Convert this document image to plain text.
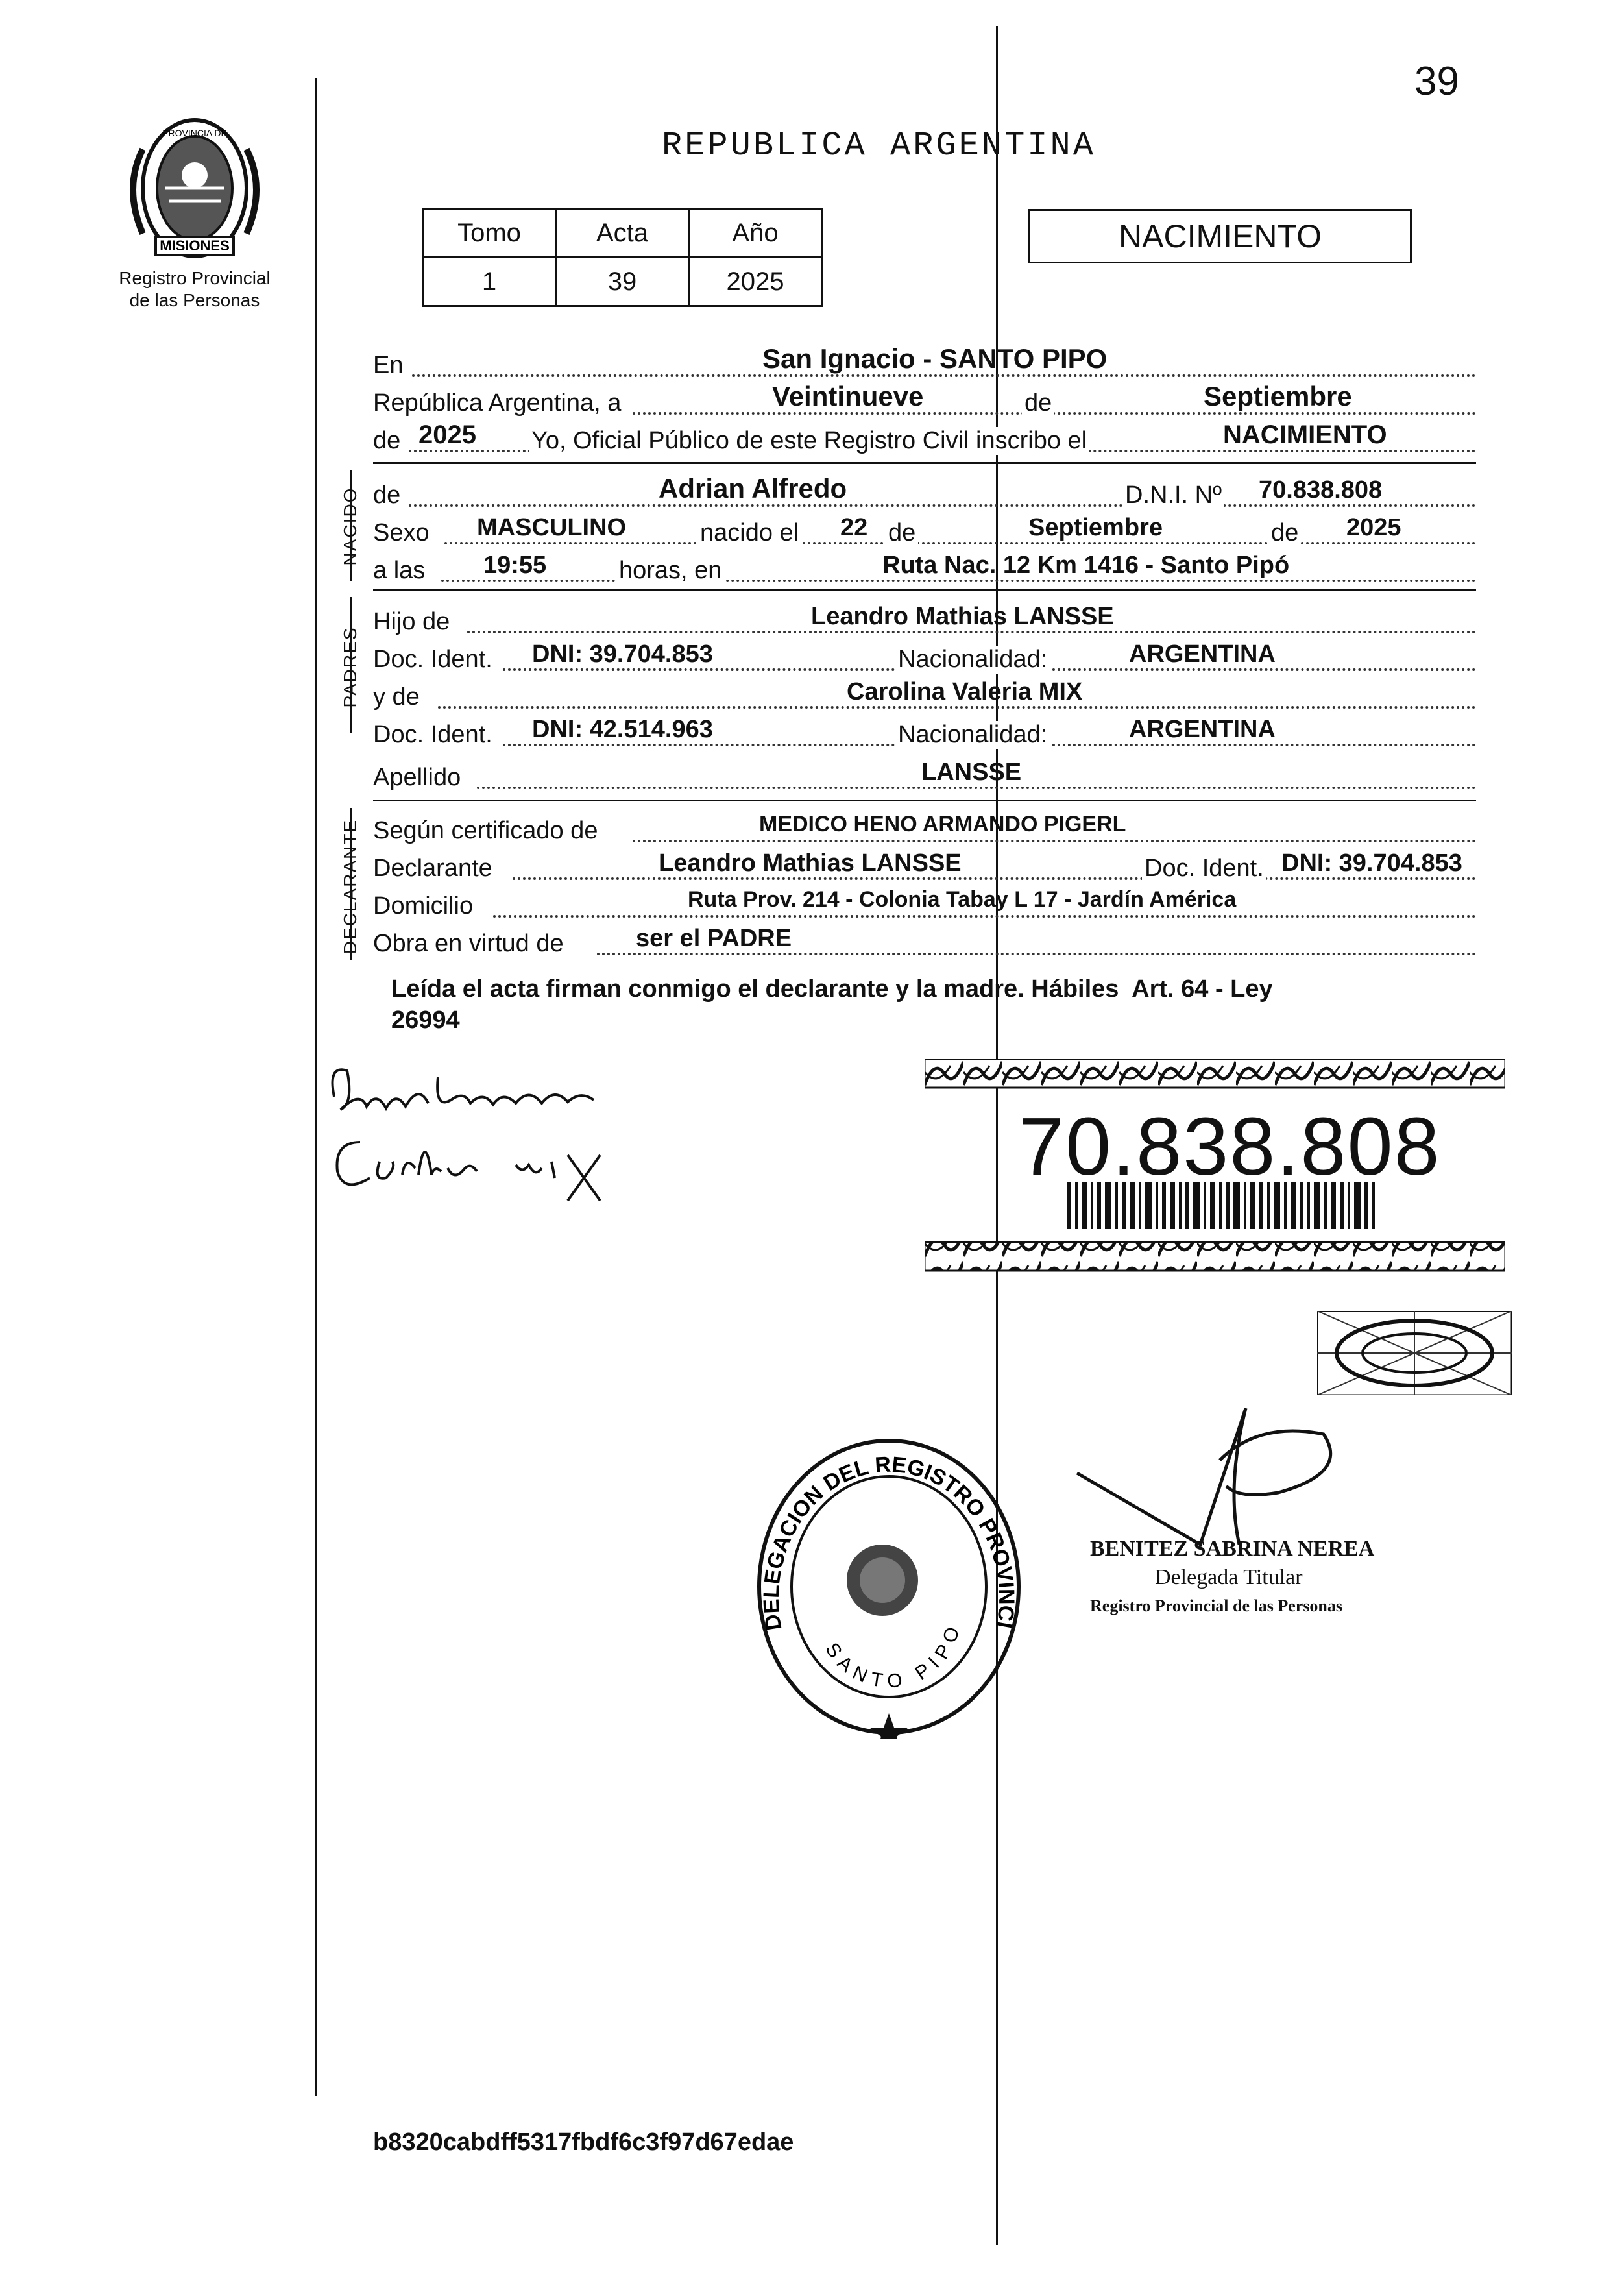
39
MISIONES
PROVINCIA DE
Registro Provincial
de las Personas
REPUBLICA ARGENTINA
Tomo	Acta	Año
1	39	2025
NACIMIENTO
En	San Ignacio - SANTO PIPO
República Argentina, a	Veintinueve	de	Septiembre
de 2025 Yo, Oficial Público de este Registro Civil inscribo el	NACIMIENTO
NACIDO de	Adrian Alfredo	D.N.I. Nº 70.838.808
Sexo MASCULINO	nacido el 22 de	Septiembre	de 2025
a las 19:55	horas, en	Ruta Nac. 12 Km 1416 - Santo Pipó
PADRES
Hijo de	Leandro Mathias LANSSE
Doc. Ident. DNI: 39.704.853	Nacionalidad:	ARGENTINA
y de	Carolina Valeria MIX
Doc. Ident. DNI: 42.514.963	Nacionalidad:	ARGENTINA
Apellido	LANSSE
DECLARANTE Según certificado de	MEDICO HENO ARMANDO PIGERL
Declarante	Leandro Mathias LANSSE	Doc. Ident. DNI: 39.704.853
Domicilio	Ruta Prov. 214 - Colonia Tabay L 17 - Jardín América
Obra en virtud de	ser el PADRE
Leída el acta firman conmigo el declarante y la madre. Hábiles  Art. 64 - Ley
26994
70.838.808
DELEGACION DEL REGISTRO PROVINCI
SANTO PIPO
BENITEZ SABRINA NEREA
Delegada Titular
Registro Provincial de las Personas
b8320cabdff5317fbdf6c3f97d67edae
